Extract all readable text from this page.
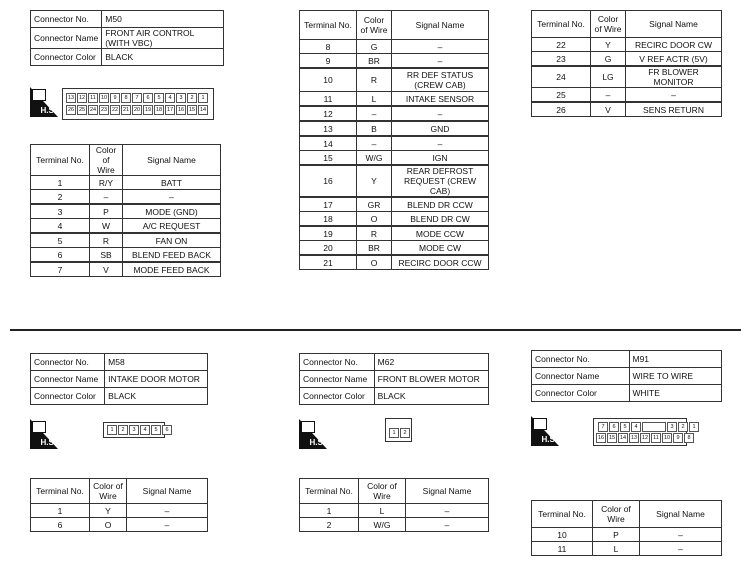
Connector No.	M50
Connector Name	FRONT AIR CONTROL (WITH VBC)
Connector Color	BLACK
H.S.
13 12 11 10	9	8	7	6	5	4	3	2	1
26 25 24 23 22 21 20 19 18 17 16 15 14
Terminal No.	Color of Wire	Signal Name
1	R/Y	BATT
2	–	–
3	P	MODE (GND)
4	W	A/C REQUEST
5	R	FAN ON
6	SB	BLEND FEED BACK
7	V	MODE FEED BACK
Terminal No.	Color of Wire	Signal Name
8	G	–
9	BR	–
10	R	RR DEF STATUS (CREW CAB)
11	L	INTAKE SENSOR
12	–	–
13	B	GND
14	–	–
15	W/G	IGN
16	Y	REAR DEFROST REQUEST (CREW CAB)
17	GR	BLEND DR CCW
18	O	BLEND DR CW
19	R	MODE CCW
20	BR	MODE CW
21	O	RECIRC DOOR CCW
Terminal No.	Color of Wire	Signal Name
22	Y	RECIRC DOOR CW
23	G	V REF ACTR (5V)
24	LG	FR BLOWER MONITOR
25	–	–
26	V	SENS RETURN
Connector No.	M58
Connector Name	INTAKE DOOR MOTOR
Connector Color	BLACK
H.S.
1	2	3	4	5	6
Terminal No.	Color of Wire	Signal Name
1	Y	–
6	O	–
Connector No.	M62
Connector Name	FRONT BLOWER MOTOR
Connector Color	BLACK
H.S.
1	2
Terminal No.	Color of Wire	Signal Name
1	L	–
2	W/G	–
Connector No.	M91
Connector Name	WIRE TO WIRE
Connector Color	WHITE
H.S.
7	6	5	4	3	2	1
16 15 14 13 12 11 10	9	8
Terminal No.	Color of Wire	Signal Name
10	P	–
11	L	–
